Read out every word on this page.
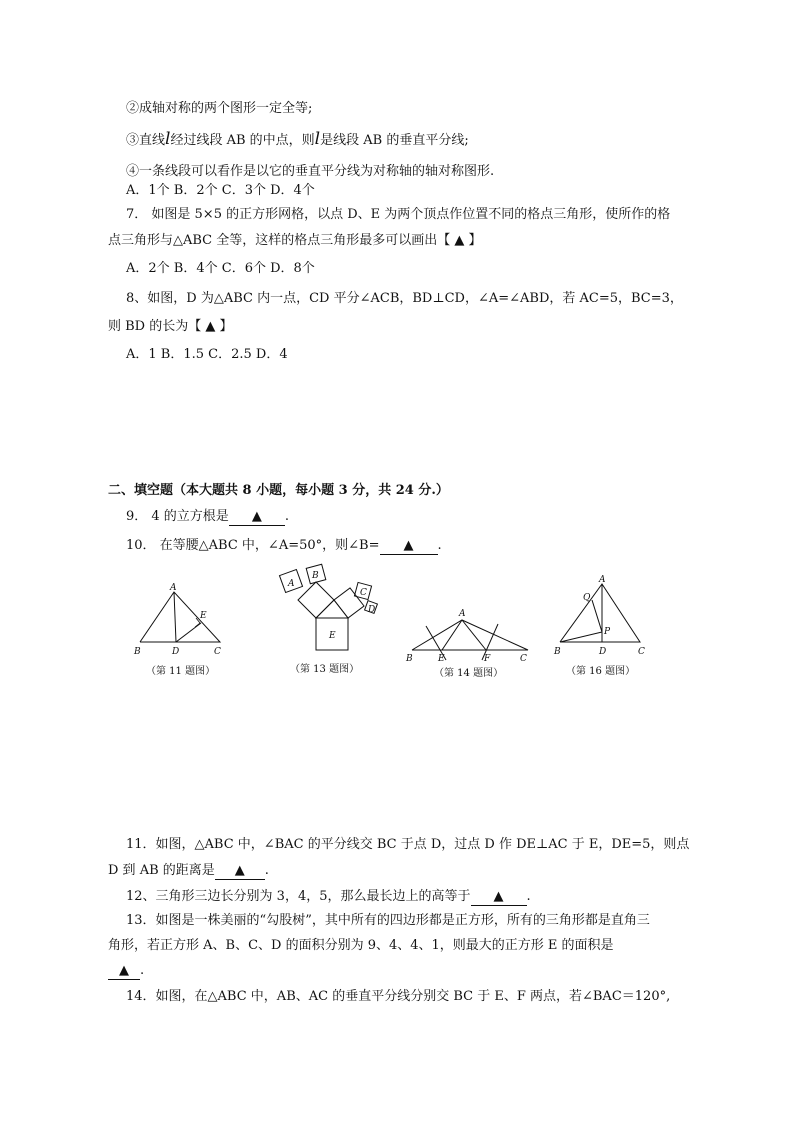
②成轴对称的两个图形一定全等;
③直线l经过线段 AB 的中点，则l是线段 AB 的垂直平分线;
④一条线段可以看作是以它的垂直平分线为对称轴的轴对称图形.
A．1个 B．2个 C．3个 D．4个
7． 如图是 5×5 的正方形网格，以点 D、E 为两个顶点作位置不同的格点三角形，使所作的格
点三角形与△ABC 全等，这样的格点三角形最多可以画出【 ▲ 】
A．2个 B．4个 C．6个 D．8个
8、如图，D 为△ABC 内一点，CD 平分∠ACB，BD⊥CD，∠A=∠ABD，若 AC=5，BC=3，
则 BD 的长为【 ▲ 】
A．1 B．1.5 C．2.5 D．4
二、填空题（本大题共 8 小题，每小题 3 分，共 24 分.）
9． 4 的立方根是 ▲ .
10． 在等腰△ABC 中，∠A=50°，则∠B= ▲ .
A
B	D	C
E
（第 11 题图）
A
B
C
D
E
（第 13 题图）
A
B	E	F	C
（第 14 题图）
A
Q
P
B	D	C
（第 16 题图）
11．如图，△ABC 中，∠BAC 的平分线交 BC 于点 D，过点 D 作 DE⊥AC 于 E，DE=5，则点
D 到 AB 的距离是 ▲ .
12、三角形三边长分别为 3，4，5，那么最长边上的高等于 ▲ .
13．如图是一株美丽的“勾股树”，其中所有的四边形都是正方形，所有的三角形都是直角三
角形，若正方形 A、B、C、D 的面积分别为 9、4、4、1，则最大的正方形 E 的面积是
▲ .
14．如图，在△ABC 中，AB、AC 的垂直平分线分别交 BC 于 E、F 两点，若∠BAC＝120°,
